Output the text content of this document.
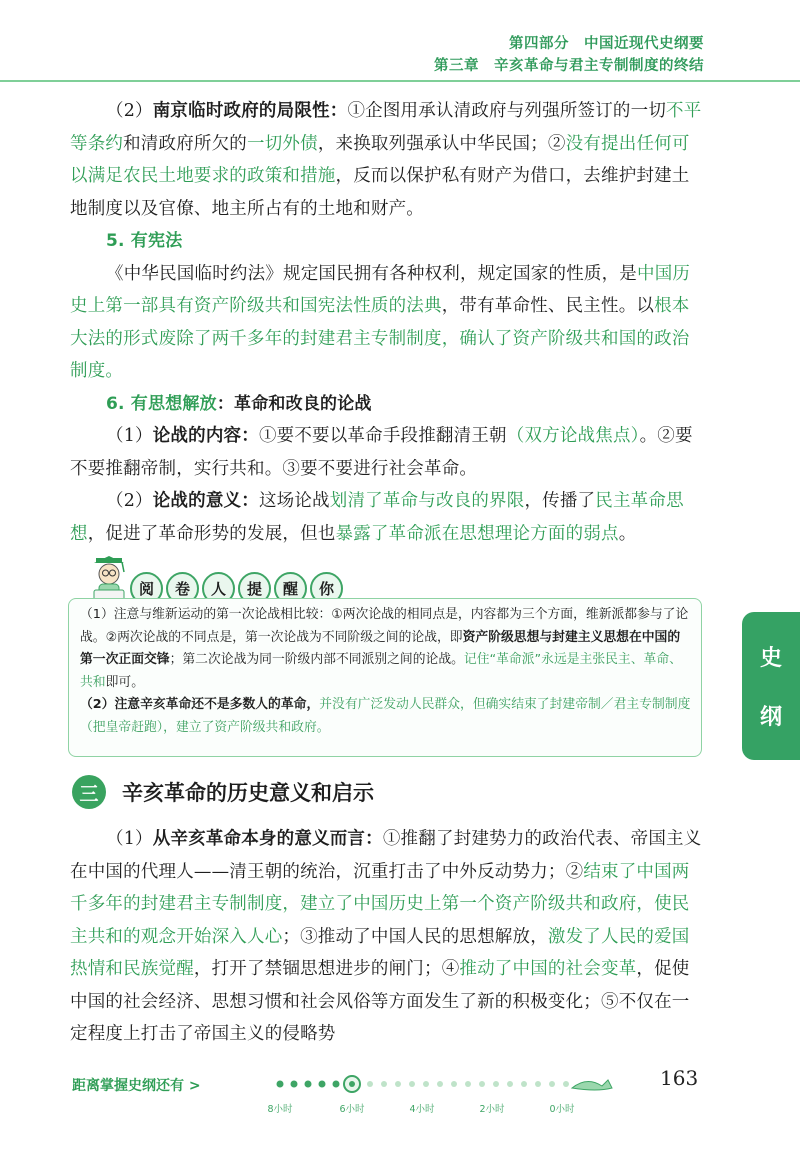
第四部分　中国近现代史纲要
第三章　辛亥革命与君主专制制度的终结

（2）南京临时政府的局限性：①企图用承认清政府与列强所签订的一切不平等条约和清政府所欠的一切外债，来换取列强承认中华民国；②没有提出任何可以满足农民土地要求的政策和措施，反而以保护私有财产为借口，去维护封建土地制度以及官僚、地主所占有的土地和财产。

5. 有宪法

《中华民国临时约法》规定国民拥有各种权利，规定国家的性质，是中国历史上第一部具有资产阶级共和国宪法性质的法典，带有革命性、民主性。以根本大法的形式废除了两千多年的封建君主专制制度，确认了资产阶级共和国的政治制度。

6. 有思想解放：革命和改良的论战

（1）论战的内容：①要不要以革命手段推翻清王朝（双方论战焦点）。②要不要推翻帝制，实行共和。③要不要进行社会革命。

（2）论战的意义：这场论战划清了革命与改良的界限，传播了民主革命思想，促进了革命形势的发展，但也暴露了革命派在思想理论方面的弱点。

阅	卷	人	提	醒	你

（1）注意与维新运动的第一次论战相比较：①两次论战的相同点是，内容都为三个方面，维新派都参与了论战。②两次论战的不同点是，第一次论战为不同阶级之间的论战，即资产阶级思想与封建主义思想在中国的第一次正面交锋；第二次论战为同一阶级内部不同派别之间的论战。记住“革命派”永远是主张民主、革命、共和即可。

（2）注意辛亥革命还不是多数人的革命，并没有广泛发动人民群众，但确实结束了封建帝制／君主专制制度（把皇帝赶跑），建立了资产阶级共和政府。

三	辛亥革命的历史意义和启示

（1）从辛亥革命本身的意义而言：①推翻了封建势力的政治代表、帝国主义在中国的代理人——清王朝的统治，沉重打击了中外反动势力；②结束了中国两千多年的封建君主专制制度，建立了中国历史上第一个资产阶级共和政府，使民主共和的观念开始深入人心；③推动了中国人民的思想解放，激发了人民的爱国热情和民族觉醒，打开了禁锢思想进步的闸门；④推动了中国的社会变革，促使中国的社会经济、思想习惯和社会风俗等方面发生了新的积极变化；⑤不仅在一定程度上打击了帝国主义的侵略势

史
纲
距离掌握史纲还有 >
8小时	6小时	4小时	2小时	0小时
163
